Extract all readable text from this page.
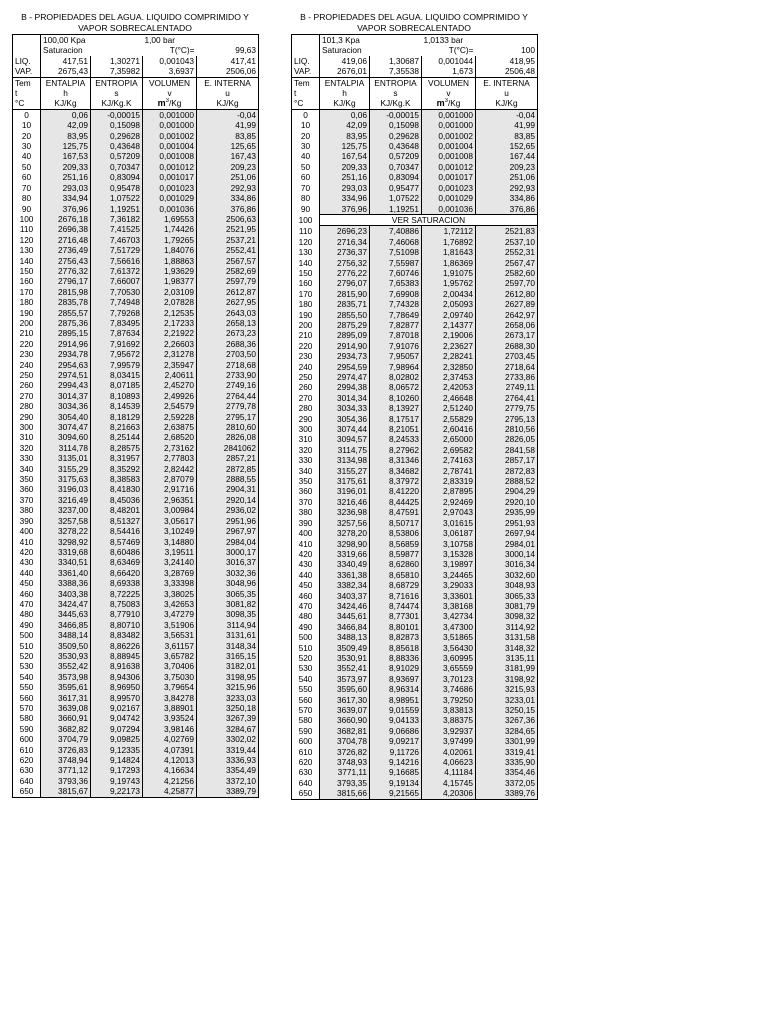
B - PROPIEDADES DEL AGUA. LIQUIDO COMPRIMIDO Y
VAPOR SOBRECALENTADO
	100,00 Kpa		1,00 bar	
	Saturacion		T(°C)=	99,63
LIQ.	417,51	1,30271	0,001043	417,41
VAP.	2675,43	7,35982	3,6937	2506,06
Tem	ENTALPIA	ENTROPIA	VOLUMEN	E. INTERNA
t	h	s	v	u
°C	KJ/Kg	KJ/Kg.K	$m^3/Kg$	KJ/Kg
0	0,06	-0,00015	0,001000	-0,04
10	42,09	0,15098	0,001000	41,99
20	83,95	0,29628	0,001002	83,85
30	125,75	0,43648	0,001004	125,65
40	167,53	0,57209	0,001008	167,43
50	209,33	0,70347	0,001012	209,23
60	251,16	0,83094	0,001017	251,06
70	293,03	0,95478	0,001023	292,93
80	334,94	1,07522	0,001029	334,86
90	376,96	1,19251	0,001036	376,86
100	2676,18	7,36182	1,69553	2506,63
110	2696,38	7,41525	1,74426	2521,95
120	2716,48	7,46703	1,79265	2537,21
130	2736,49	7,51729	1,84076	2552,41
140	2756,43	7,56616	1,88863	2567,57
150	2776,32	7,61372	1,93629	2582,69
160	2796,17	7,66007	1,98377	2597,79
170	2815,98	7,70530	2,03109	2612,87
180	2835,78	7,74948	2,07828	2627,95
190	2855,57	7,79268	2,12535	2643,03
200	2875,36	7,83495	2,17233	2658,13
210	2895,15	7,87634	2,21922	2673,23
220	2914,96	7,91692	2,26603	2688,36
230	2934,78	7,95672	2,31278	2703,50
240	2954,63	7,99579	2,35947	2718,68
250	2974,51	8,03415	2,40611	2733,90
260	2994,43	8,07185	2,45270	2749,16
270	3014,37	8,10893	2,49926	2764,44
280	3034,36	8,14539	2,54579	2779,78
290	3054,40	8,18129	2,59228	2795,17
300	3074,47	8,21663	2,63875	2810,60
310	3094,60	8,25144	2,68520	2826,08
320	3114,78	8,28575	2,73162	2841062
330	3135,01	8,31957	2,77803	2857,21
340	3155,29	8,35292	2,82442	2872,85
350	3175,63	8,38583	2,87079	2888,55
360	3196,03	8,41830	2,91716	2904,31
370	3216,49	8,45036	2,96351	2920,14
380	3237,00	8,48201	3,00984	2936,02
390	3257,58	8,51327	3,05617	2951,96
400	3278,22	8,54416	3,10249	2967,97
410	3298,92	8,57469	3,14880	2984,04
420	3319,68	8,60486	3,19511	3000,17
430	3340,51	8,63469	3,24140	3016,37
440	3361,40	8,66420	3,28769	3032,36
450	3388,36	8,69338	3,33398	3048,96
460	3403,38	8,72225	3,38025	3065,35
470	3424,47	8,75083	3,42653	3081,82
480	3445,63	8,77910	3,47279	3098,35
490	3466,85	8,80710	3,51906	3114,94
500	3488,14	8,83482	3,56531	3131,61
510	3509,50	8,86226	3,61157	3148,34
520	3530,93	8,88945	3,65782	3165,15
530	3552,42	8,91638	3,70406	3182,01
540	3573,98	8,94306	3,75030	3198,95
550	3595,61	8,96950	3,79654	3215,96
560	3617,31	8,99570	3,84278	3233,03
570	3639,08	9,02167	3,88901	3250,18
580	3660,91	9,04742	3,93524	3267,39
590	3682,82	9,07294	3,98146	3284,67
600	3704,79	9,09825	4,02769	3302,02
610	3726,83	9,12335	4,07391	3319,44
620	3748,94	9,14824	4,12013	3336,93
630	3771,12	9,17293	4,16634	3354,49
640	3793,36	9,19743	4,21256	3372,10
650	3815,67	9,22173	4,25877	3389,79
B - PROPIEDADES DEL AGUA. LIQUIDO COMPRIMIDO Y
VAPOR SOBRECALENTADO
	101,3 Kpa		1,0133 bar	
	Saturacion		T(°C)=	100
LIQ.	419,06	1,30687	0,001044	418,95
VAP.	2676,01	7,35538	1,673	2506,48
Tem	ENTALPIA	ENTROPIA	VOLUMEN	E. INTERNA
t	h	s	v	u
°C	KJ/Kg	KJ/Kg.K	$m^3/Kg$	KJ/Kg
0	0,06	-0,00015	0,001000	-0,04
10	42,09	0,15098	0,001000	41,99
20	83,95	0,29628	0,001002	83,85
30	125,75	0,43648	0,001004	152,65
40	167,54	0,57209	0,001008	167,44
50	209,33	0,70347	0,001012	209,23
60	251,16	0,83094	0,001017	251,06
70	293,03	0,95477	0,001023	292,93
80	334,96	1,07522	0,001029	334,86
90	376,96	1,19251	0,001036	376,86
100	VER SATURACION			
110	2696,23	7,40886	1,72112	2521,83
120	2716,34	7,46068	1,76892	2537,10
130	2736,37	7,51098	1,81643	2552,31
140	2756,32	7,55987	1,86369	2567,47
150	2776,22	7,60746	1,91075	2582,60
160	2796,07	7,65383	1,95762	2597,70
170	2815,90	7,69908	2,00434	2612,80
180	2835,71	7,74328	2,05093	2627,89
190	2855,50	7,78649	2,09740	2642,97
200	2875,29	7,82877	2,14377	2658,06
210	2895,09	7,87018	2,19006	2673,17
220	2914,90	7,91076	2,23627	2688,30
230	2934,73	7,95057	2,28241	2703,45
240	2954,59	7,98964	2,32850	2718,64
250	2974,47	8,02802	2,37453	2733,86
260	2994,38	8,06572	2,42053	2749,11
270	3014,34	8,10260	2,46648	2764,41
280	3034,33	8,13927	2,51240	2779,75
290	3054,36	8,17517	2,55829	2795,13
300	3074,44	8,21051	2,60416	2810,56
310	3094,57	8,24533	2,65000	2826,05
320	3114,75	8,27962	2,69582	2841,58
330	3134,98	8,31346	2,74163	2857,17
340	3155,27	8,34682	2,78741	2872,83
350	3175,61	8,37972	2,83319	2888,52
360	3196,01	8,41220	2,87895	2904,29
370	3216,46	8,44425	2,92469	2920,10
380	3236,98	8,47591	2,97043	2935,99
390	3257,56	8,50717	3,01615	2951,93
400	3278,20	8,53806	3,06187	2697,94
410	3298,90	8,56859	3,10758	2984,01
420	3319,66	8,59877	3,15328	3000,14
430	3340,49	8,62860	3,19897	3016,34
440	3361,38	8,65810	3,24465	3032,60
450	3382,34	8,68729	3,29033	3048,93
460	3403,37	8,71616	3,33601	3065,33
470	3424,46	8,74474	3,38168	3081,79
480	3445,61	8,77301	3,42734	3098,32
490	3466,84	8,80101	3,47300	3114,92
500	3488,13	8,82873	3,51865	3131,58
510	3509,49	8,85618	3,56430	3148,32
520	3530,91	8,88336	3,60995	3135,11
530	3552,41	8,91029	3,65559	3181,99
540	3573,97	8,93697	3,70123	3198,92
550	3595,60	8,96314	3,74686	3215,93
560	3617,30	8,98951	3,79250	3233,01
570	3639,07	9,01559	3,83813	3250,15
580	3660,90	9,04133	3,88375	3267,36
590	3682,81	9,06686	3,92937	3284,65
600	3704,78	9,09217	3,97499	3301,99
610	3726,82	9,11726	4,02061	3319,41
620	3748,93	9,14216	4,06623	3335,90
630	3771,11	9,16685	4,11184	3354,46
640	3793,35	9,19134	4,15745	3372,05
650	3815,66	9,21565	4,20306	3389,76
